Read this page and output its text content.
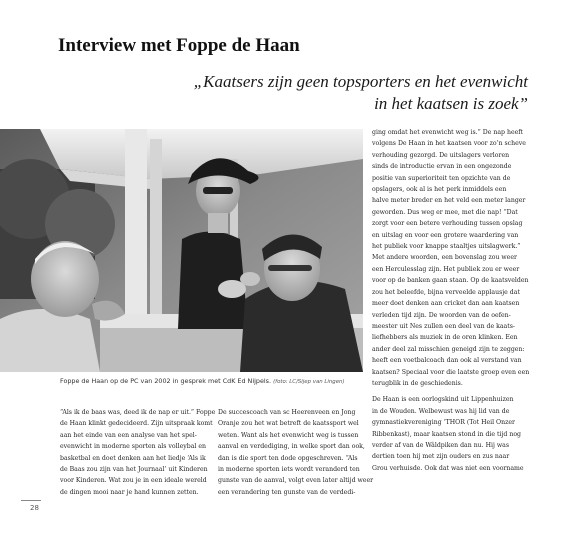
Interview met Foppe de Haan

„Kaatsers zijn geen topsporters en het evenwicht
in het kaatsen is zoek”

Foppe de Haan op de PC van 2002 in gesprek met CdK Ed Nijpels. (foto: LC/Sijep van Lingen)

ging omdat het evenwicht weg is.” De nap heeft
volgens De Haan in het kaatsen voor zo’n scheve
verhouding gezorgd. De uitslagers verloren
sinds de introductie ervan in een ongezonde
positie van superioriteit ten opzichte van de
opslagers, ook al is het perk inmiddels een
halve meter breder en het veld een meter langer
geworden. Dus weg er mee, met die nap! “Dat
zorgt voor een betere verhouding tussen opslag
en uitslag en voor een grotere waardering van
het publiek voor knappe staaltjes uitslagwerk.”
Met andere woorden, een bovenslag zou weer
een Herculesslag zijn. Het publiek zou er weer
voor op de banken gaan staan. Op de kaatsvelden
zou het beleefde, bijna verveelde applausje dat
meer doet denken aan cricket dan aan kaatsen
verleden tijd zijn. De woorden van de oefen-
meester uit Nes zullen een deel van de kaats-
liefhebbers als muziek in de oren klinken. Een
ander deel zal misschien geneigd zijn te zeggen:
heeft een voetbalcoach dan ook al verstand van
kaatsen? Speciaal voor die laatste groep even een
terugblik in de geschiedenis.
De Haan is een oorlogskind uit Lippenhuizen
in de Wouden. Welbewust was hij lid van de
gymnastiekvereniging ‘THOR (Tot Heil Onzer
Ribbenkast), maar kaatsen stond in die tijd nog
verder af van de Wâldpiken dan nu. Hij was
dertien toen hij met zijn ouders en zus naar
Grou verhuisde. Ook dat was niet een voorname
“Als ik de baas was, deed ik de nap er uit.” Foppe
de Haan klinkt gedecideerd. Zijn uitspraak komt
aan het einde van een analyse van het spel-
evenwicht in moderne sporten als volleybal en
basketbal en doet denken aan het liedje ‘Als ik
de Baas zou zijn van het Journaal’ uit Kinderen
voor Kinderen. Wat zou je in een ideale wereld
de dingen mooi naar je hand kunnen zetten.
De succescoach van sc Heerenveen en Jong
Oranje zou het wat betreft de kaatssport wel
weten. Want als het evenwicht weg is tussen
aanval en verdediging, in welke sport dan ook,
dan is die sport ten dode opgeschreven. “Als
in moderne sporten iets wordt veranderd ten
gunste van de aanval, volgt even later altijd weer
een verandering ten gunste van de verdedi-

28
